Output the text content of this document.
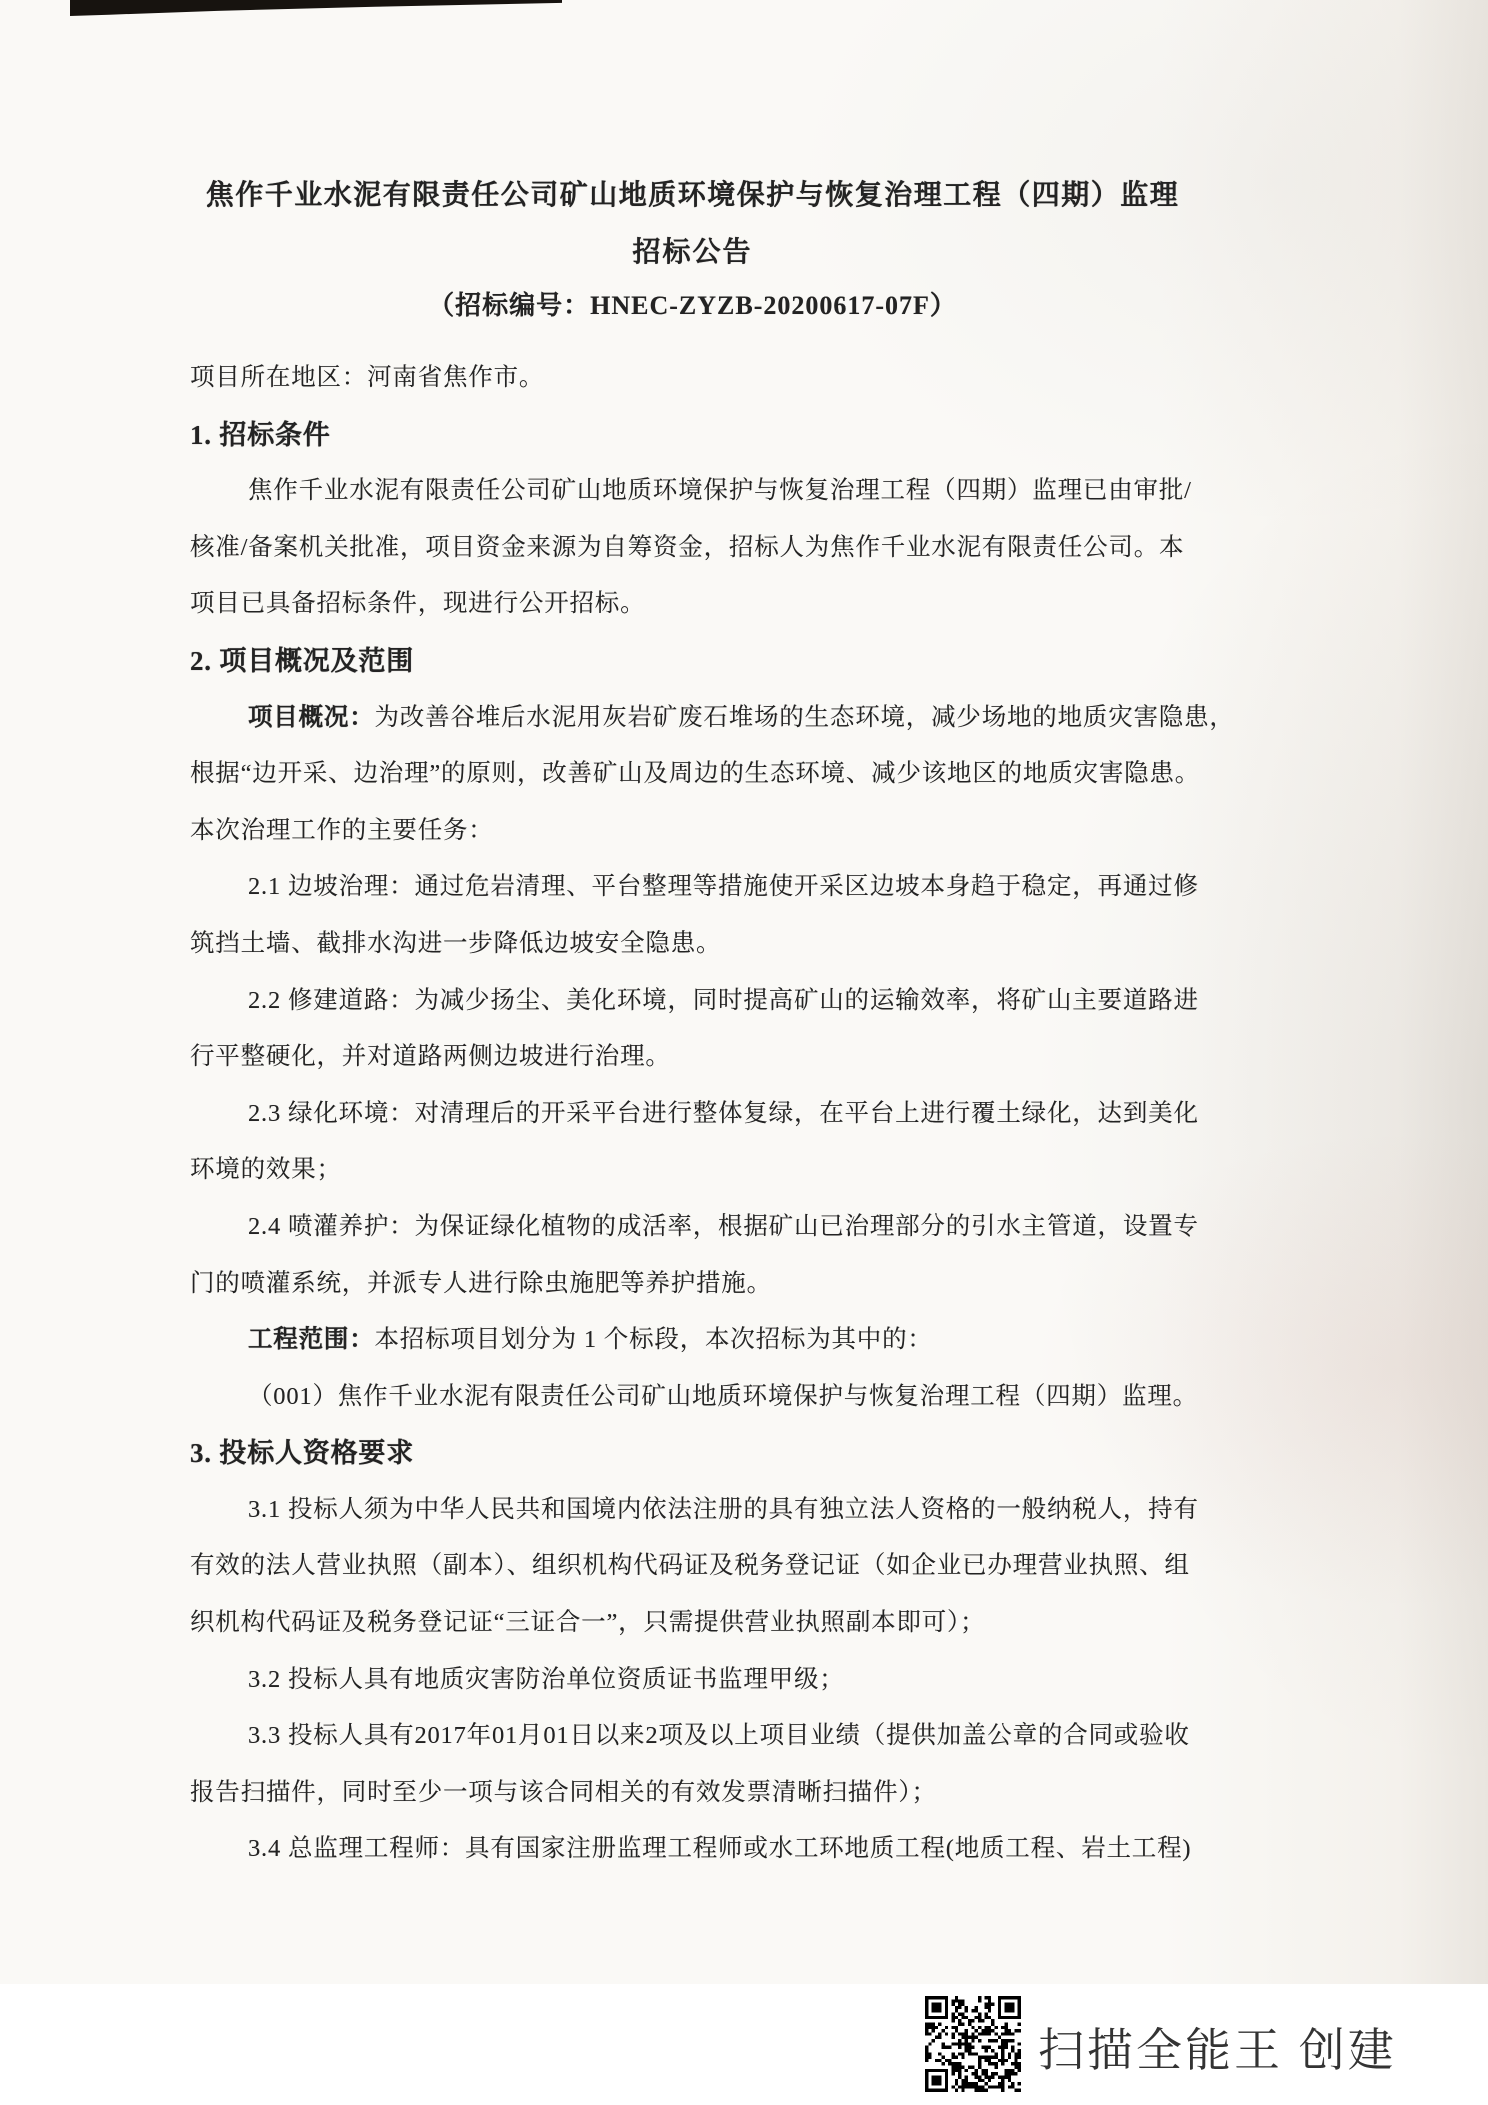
焦作千业水泥有限责任公司矿山地质环境保护与恢复治理工程（四期）监理
招标公告
（招标编号：HNEC-ZYZB-20200617-07F）
项目所在地区：河南省焦作市。
1. 招标条件
焦作千业水泥有限责任公司矿山地质环境保护与恢复治理工程（四期）监理已由审批/
核准/备案机关批准，项目资金来源为自筹资金，招标人为焦作千业水泥有限责任公司。本
项目已具备招标条件，现进行公开招标。
2. 项目概况及范围
项目概况：为改善谷堆后水泥用灰岩矿废石堆场的生态环境，减少场地的地质灾害隐患，
根据“边开采、边治理”的原则，改善矿山及周边的生态环境、减少该地区的地质灾害隐患。
本次治理工作的主要任务：
2.1 边坡治理：通过危岩清理、平台整理等措施使开采区边坡本身趋于稳定，再通过修
筑挡土墙、截排水沟进一步降低边坡安全隐患。
2.2 修建道路：为减少扬尘、美化环境，同时提高矿山的运输效率，将矿山主要道路进
行平整硬化，并对道路两侧边坡进行治理。
2.3 绿化环境：对清理后的开采平台进行整体复绿，在平台上进行覆土绿化，达到美化
环境的效果；
2.4 喷灌养护：为保证绿化植物的成活率，根据矿山已治理部分的引水主管道，设置专
门的喷灌系统，并派专人进行除虫施肥等养护措施。
工程范围：本招标项目划分为 1 个标段，本次招标为其中的：
（001）焦作千业水泥有限责任公司矿山地质环境保护与恢复治理工程（四期）监理。
3. 投标人资格要求
3.1 投标人须为中华人民共和国境内依法注册的具有独立法人资格的一般纳税人，持有
有效的法人营业执照（副本）、组织机构代码证及税务登记证（如企业已办理营业执照、组
织机构代码证及税务登记证“三证合一”，只需提供营业执照副本即可）；
3.2 投标人具有地质灾害防治单位资质证书监理甲级；
3.3 投标人具有2017年01月01日以来2项及以上项目业绩（提供加盖公章的合同或验收
报告扫描件，同时至少一项与该合同相关的有效发票清晰扫描件）；
3.4 总监理工程师：具有国家注册监理工程师或水工环地质工程(地质工程、岩土工程)
扫描全能王 创建
